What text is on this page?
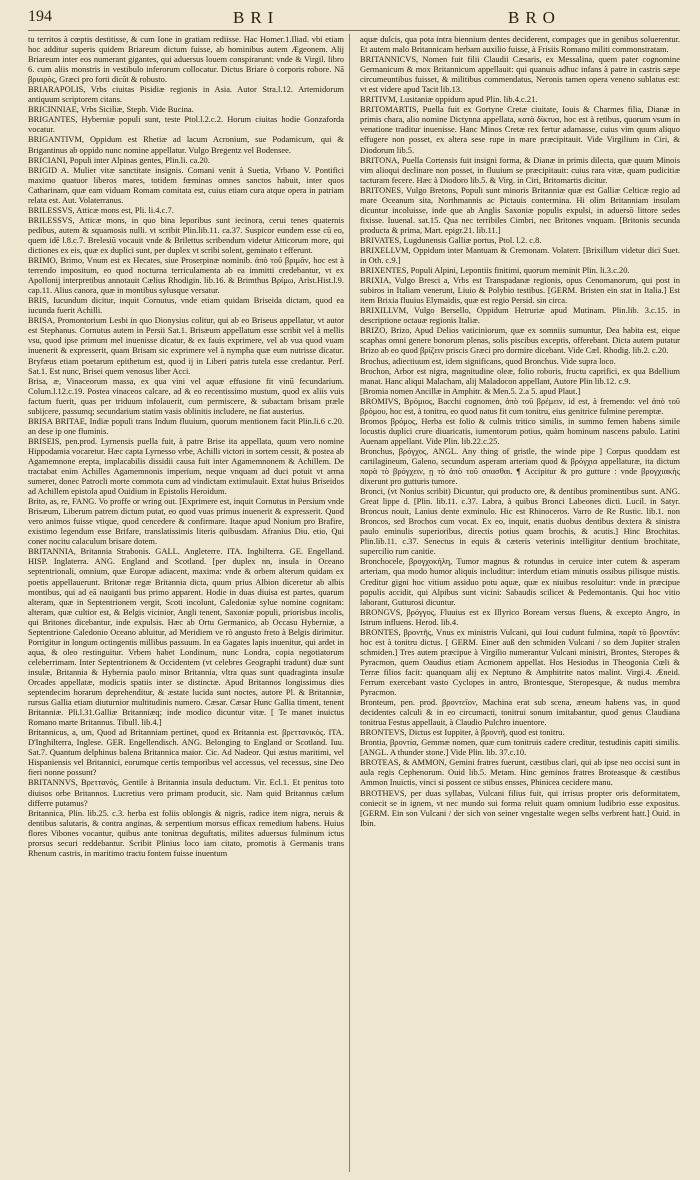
194	BRI	BRO

tu territos à cœptis destitisse, & cum Ione in gratiam rediisse. Hac Homer.1.Iliad. vbi etiam hoc additur superis quidem Briareum dictum fuisse, ab hominibus autem Ægeonem. Alij Briareum inter eos numerant gigantes, qui aduersus louem conspirarunt: vnde & Virgil. libro 6. cum aliis monstris in vestibulo inferorum collocatur. Dictus Briare ὁ corporis robore. Nā βριαρὸς, Græci pro forti dicūt & robusto.

BRIARAPOLIS, Vrbs ciuitas Pisidiæ regionis in Asia. Autor Stra.l.12. Artemidorum antiquum scriptorem citans.

BRICINNIAE, Vrbs Siciliæ, Steph. Vide Bucina.

BRIGANTES, Hyberniæ populi sunt, teste Ptol.l.2.c.2. Horum ciuitas hodie Gonzaforda vocatur.

BRIGANTIVM, Oppidum est Rhetiæ ad lacum Acronium, sue Podamicum, qui & Brigantinus ab oppido nunc nomine appellatur. Vulgo Bregentz vel Bodensee.

BRICIANI, Populi inter Alpinas gentes, Plin.li. ca.20.

BRIGID A. Mulier vitæ sanctitate insignis. Comani venit à Suetia, Vrbano V. Pontifici maximo quatuor liberos mares, totidem fœminas omnes sanctos habuit, inter quos Catharinam, quæ eam viduam Romam comitata est, cuius etiam cura atque opera in patriam relata est. Aut. Volaterranus.

BRILESSVS, Atticæ mons est, Pli. li.4.c.7.

BRILESSVS, Atticæ mons, in quo bina leporibus sunt iecinora, cerui tenes quaternis pedibus, autem & squamosis nulli. vt scribit Plin.lib.11. ca.37. Suspicor eundem esse cū eo, quem idē l.8.c.7. Brelesiū vocauit vnde & Brilettus scribendum videtur Atticorum more, qui dictiones ex eis, quæ ex duplici sunt, per duplex vt scribi solent, geminato t efferunt.

BRIMO, Brimo, Vnum est ex Hecates, siue Proserpinæ nominib. ἀπὸ τοῦ βριμᾶν, hoc est à terrendo impositum, eo quod nocturna terriculamenta ab ea immitti credebantur, vt ex Apollonij interpretibus annotauit Cælius Rhodigin. lib.16. & Brimthus Βρίμω, Arist.Hist.l.9. cap.11. Alius canora, quæ in montibus sylusque versatur.

BRIS, Iucundum dicitur, inquit Cornutus, vnde etiam quidam Briseida dictam, quod ea iucunda fuerit Achilli.

BRISA, Promontorium Lesbi in quo Dionysius colitur, qui ab eo Briseus appellatur, vt autor est Stephanus. Cornutus autem in Persii Sat.1. Brisæum appellatum esse scribit vel à mellis vsu, quod ipse primum mel inuenisse dicatur, & ex fauis exprimere, vel ab vua quod vuam inuenerit & expresserit, quam Brisam sic exprimere vel à nympha quæ eum nutrisse dicatur. Bryfæus etiam poetarum epithetum est, quod ij in Liberi patris tutela esse credantur. Perf. Sat.1. Est nunc, Brisei quem venosus liber Acci.

Brisa, æ, Vinaceorum massa, ex qua vini vel aquæ effusione fit vinū fecundarium. Colum.l.12.c.19. Postea vinaceos calcare, ad & eo recentissimo mustum, quod ex aliis vuis factum fuerit, quas per triduum infolauerit, cum permiscere, & subactam brisam præle subijcere, passumq; secundarium statim vasis oblinitis includere, ne fiat austerius.

BRISA BRITAE, Indiæ populi trans Indum fluuium, quorum mentionem facit Plin.li.6 c.20. an dese ip one fluminis.

BRISEIS, pen.prod. Lyrnensis puella fuit, à patre Brise ita appellata, quum vero nomine Hippodamia vocaretur. Hæc capta Lyrnesso vrbe, Achilli victori in sortem cessit, & postea ab Agamemnone erepta, implacabilis dissidii causa fuit inter Agamemnonem & Achillem. De tractabat enim Achilles Agamemnonis imperium, neque vnquam ad duci potuit vt arma sumeret, donec Patrocli morte commota cum ad vindictam extimulauit. Extat huius Briseidos ad Achillem epistola apud Ouidium in Epistolis Heroidum.

Brito, as, re, FANG. Vo proffe or wring out. [Exprimere est, inquit Cornutus in Persium vnde Brisæum, Liberum patrem dictum putat, eo quod vuas primus inuenerit & expresserit. Quod vero animos fuisse vtique, quod cencedere & confirmare. Itaque apud Nonium pro Brafire, existimo legendum esse Brifare, translatissimis literis quibusdam. Afranius Diu. etio, Qui coner nocitu calaculum brisare dotem.

BRITANNIA, Britannia Strabonis. GALL. Angleterre. ITA. Inghilterra. GE. Engelland. HISP. Inglaterra. ANG. England and Scotland. [per duplex nn, insula in Oceano septentrionali, omnium, quæ Europæ adiacent, maxima: vnde & orbem alterum quidam ex poetis appellauerunt. Britonæ regæ Britannia dicta, quum prius Albion diceretur ab albis montibus, qui ad eā nauiganti bus primo apparent. Hodie in duas diuisa est partes, quarum alteram, quæ in Septentrionem vergit, Scoti incolunt, Caledoniæ sylue nomine cognitam: alteram, quæ cultior est, & Belgis vicinior, Angli tenent, Saxoniæ populi, priorisbus incolis, qui Britones dicebantur, inde expulsis. Hæc ab Ortu Germanico, ab Occasu Hyberniæ, a Septentrione Caledonio Oceano abluitur, ad Meridiem ve rò angusto freto à Belgis dirimitur. Porrigitur in longum octingentis millibus passuum. In ea Gagates lapis inuenitur, qui ardet in aqua, & oleo restinguitur. Vrbem habet Londinum, nunc Londra, copia negotiatorum celeberrimam. Inter Septentrionem & Occidentem (vt celebres Geographi tradunt) duæ sunt insulæ, Britannia & Hybernia paulo minor Britannia, vltra quas sunt quadraginta insulæ Orcades appellatæ, modicis spatiis inter se distinctæ. Apud Britannos longissimus dies septendecim horarum deprehenditur, & æstate lucida sunt noctes, autore Pl. & Britanniæ, rursus Gallia etiam diuturnior multitudinis numero. Cæsar. Cæsar Hunc Gallia timent, tenent Britanniæ. Pli.l.31.Galliæ Britanniæq; inde modico dicuntur vitæ. [ Te manet inuictus Romano marte Britannus. Tibull. lib.4.]

Britannicus, a, um, Quod ad Britanniam pertinet, quod ex Britannia est. βρεττανικὸς. ITA. D'Inghilterra, Inglese. GER. Engellendisch. ANG. Belonging to England or Scotland. Iuu. Sat.7. Quantum delphinus balena Britannica maior. Cic. Ad Nadeor. Qui æstus maritimi, vel Hispaniensis vel Britannici, eorumque certis temporibus vel accessus, vel recessus, sine Deo fieri nonne possunt?

BRITANNVS, Βρεττανός, Gentile à Britannia insula deductum. Vir. Ecl.1. Et penitus toto diuisos orbe Britannos. Lucretius vero primam producit, sic. Nam quid Britannus cælum differre putamus?

Britannica, Plin. lib.25. c.3. herba est foliis oblongis & nigris, radice item nigra, neruis & dentibus salutaris, & contra anginas, & serpentium morsus efficax remedium habens. Huius flores Vibones vocantur, quibus ante tonitrua deguftatis, milites aduersus fulminum ictus prorsus securi reddebantur. Scribit Plinius loco iam citato, promotis à Germanis trans Rhenum castris, in maritimo tractu fontem fuisse inuentum

aquæ dulcis, qua pota intra biennium dentes deciderent, compages que in genibus soluerentur. Et autem malo Britannicam herbam auxilio fuisse, à Frisiis Romano militi commonstratam.

BRITANNICVS, Nomen fuit filii Claudii Cæsaris, ex Messalina, quem pater cognomine Germanicum & mox Britannicum appellauit: qui quanuis adhuc infans à patre in castris sæpe circumeuntibus fuisset, & militibus commendatus, Neronis tamen opera veneno sublatus est: vt est videre apud Tacit lib.13.

BRITIVM, Lusitaniæ oppidum apud Plin. lib.4.c.21.

BRITOMARTIS, Puella fuit ex Gortyne Cretæ ciuitate, Iouis & Charmes filia, Dianæ in primis chara, alio nomine Dictynna appellata, κατὰ δίκτυα, hoc est à retibus, quorum vsum in venatione traditur inuenisse. Hanc Minos Cretæ rex fertur adamasse, cuius vim quum aliquo effugere non posset, ex altera sese rupe in mare præcipitauit. Vide Virgilium in Ciri, & Diodorum lib.5.

BRITONA, Puella Cortensis fuit insigni forma, & Dianæ in primis dilecta, quæ quum Minois vim alioqui declinare non posset, in fluuium se præcipitauit: cuius rara vitæ, quam pudicitiæ tacturam fecere. Hæc à Diodoro lib.5. & Virg. in Ciri, Britomartis dicitur.

BRITONES, Vulgo Bretons, Populi sunt minoris Britanniæ quæ est Galliæ Celticæ regio ad mare Oceanum sita, Northmannis ac Pictauis contermina. Hi olim Britanniam insulam dicuntur incoluisse, inde que ab Anglis Saxoniæ populis expulsi, in aduersō littore sedes fixisse. Iuuenal. sat.15. Qua nec terribiles Cimbri, nec Britones vnquam. [Britonis secunda producta & prima, Mart. epigr.21. lib.11.]

BRIVATES, Lugdunensis Galliæ portus, Ptol. l.2. c.8.

BRIXELLVM, Oppidum inter Mantuam & Cremonam. Volaterr. [Brixillum videtur dici Suet. in Oth. c.9.]

BRIXENTES, Populi Alpini, Lepontiis finitimi, quorum meminit Plin. li.3.c.20.

BRIXIA, Vulgo Bresci a, Vrbs est Transpadanæ regionis, opus Cenomanorum, qui post in subiros in Italiam venerunt, Liuio & Polybio testibus. [GERM. Bristen ein stat in Italia.] Est item Brixia fluuius Elymaidis, quæ est regio Persid. sin circa.

BRIXILLVM, Vulgo Bersello, Oppidum Hetruriæ apud Mutinam. Plin.lib. 3.c.15. in descriptione octauæ regionis Italiæ.

BRIZO, Brizo, Apud Delios vaticiniorum, quæ ex somniis sumuntur, Dea habita est, eique scaphas omni genere bonorum plenas, solis piscibus exceptis, offerebant. Dicta autem putatur Brizo ab eo quod βρίζειν priscis Græci pro dormire dicebant. Vide Cæl. Rhodig. lib.2. c.20.

Brochus, adiectiuum est, idem significans, quod Bronchus. Vide supra loco.

Brochon, Arbor est nigra, magnitudine oleæ, folio roboris, fructu caprifici, ex qua Bdellium manat. Hanc aliqui Malacham, alij Maladocon appellant, Autore Plin lib.12. c.9.

[Bromia nomen Ancillæ in Amphitr. & Men.5. 2.a 5. apud Plaut.]

BROMIVS, Βρόμιος, Bacchi cognomen, ἀπὸ τοῦ βρέμειν, id est, à fremendo: vel ἀπὸ τοῦ βρόμου, hoc est, à tonitru, eo quod natus fit cum tonitru, eius genitrice fulmine peremptæ.

Bromos βρόμος, Herba est folio & culmis tritico similis, in summo femen habens simile locustis duplici crure diuaricatis, iumentorum potius, quàm hominum nascens pabulo. Latini Auenam appellant. Vide Plin. lib.22.c.25.

Bronchus, βρόγχος, ANGL. Any thing of gristle, the winde pipe ] Corpus quoddam est cartilagineum, Galeno, secundum asperam arteriam quod & βρόγχια appellaturæ, ita dictum παρὰ τὸ βρόγχειν, ῃ τὸ ἀπὸ τοῦ σπασθαι. ¶ Accipitur & pro gutture : vnde βρογχιακὴς dixerunt pro gutturis tumore.

Bronci, (vt Nonius scribit) Dicuntur, qui producto ore, & dentibus prominentibus sunt. ANG. Great lippe d. [Plin. lib.11. c.37. Labra, à quibus Bronci Labeones dicti. Lucil. in Satyr. Broncus nouit, Lanius dente exminulo. Hic est Rhinoceros. Varro de Re Rustic. lib.1. non Broncos, sed Brochos cum vocat. Ex eo, inquit, enatis duobus dentibus dextera & sinistra paulo eminulis superioribus, directis potius quam brochis, & acutis.] Hinc Brochitas. Plin.lib.11. c.37. Senectus in equis & cæteris veterinis intelligitur dentium brochitate, supercilio rum canitie.

Bronchocele, βρογχοκήλη, Tumor magnus & rotundus in ceruice inter cutem & asperam arteriam, qua modo humor aliquis includitur: interdum etiam minutis ossibus pilisque mistis. Creditur gigni hoc vitium assiduo potu aquæ, quæ ex niuibus resoluitur: vnde in præcipue populis accidit, qui Alpibus sunt vicini: Sabaudis scilicet & Pedemontanis. Qui hoc vitio laborant, Gutturosi dicuntur.

BRONGVS, βρόγγος, Fluuius est ex Illyrico Boream versus fluens, & excepto Angro, in Istrum influens. Herod. lib.4.

BRONTES, βροντῆς, Vnus ex ministris Vulcani, qui Ioui cudunt fulmina, παρὰ τὸ βροντᾶν: hoc est à tonitru dictus. [ GERM. Einer auß den schmiden Vulcani / so dem Jupiter stralen schmiden.] Tres autem præcipue à Virgilio numerantur Vulcani ministri, Brontes, Steropes & Pyracmon, quem Oaudius etiam Acmonem appellat. Hos Hesiodus in Theogonia Cœli & Terræ filios facit: quanquam alij ex Neptuno & Amphitrite natos malint. Virgi.4. Æneid. Ferrum exercebant vasto Cyclopes in antro, Brontesque, Steropesque, & nudus membra Pyracmon.

Bronteum, pen. prod. βροντεῖον, Machina erat sub scena, æneum habens vas, in quod decidentes calculi & in eo circumacti, tonitrui sonum imitabantur, quod genus Claudiana tonitrua Festus appellauit, à Claudio Pulchro inuentore.

BRONTEVS, Dictus est Iuppiter, à βροντῆ, quod est tonitru.

Brontia, βροντία, Gemmæ nomen, quæ cum tonitruis cadere creditur, testudinis capiti similis. [ANGL. A thunder stone.] Vide Plin. lib. 37.c.10.

BROTEAS, & AMMON, Gemini fratres fuerunt, cæstibus clari, qui ab ipse neo occisi sunt in aula regis Cephenorum. Ouid lib.5. Metam. Hinc geminos fratres Broteasque & cæstibus Ammon Inuictis, vinci si possent ce stibus ensses, Phinicea cecidere manu.

BROTHEVS, per duas syllabas, Vulcani filius fuit, qui irrisus propter oris deformitatem, coniecit se in ignem, vt nec mundo sui forma reluit quam omnium ludibrio esse expositus. [GERM. Ein son Vulcani / der sich von seiner vngestalte wegen selbs verbrent hatt.] Ouid. in Ibin.
